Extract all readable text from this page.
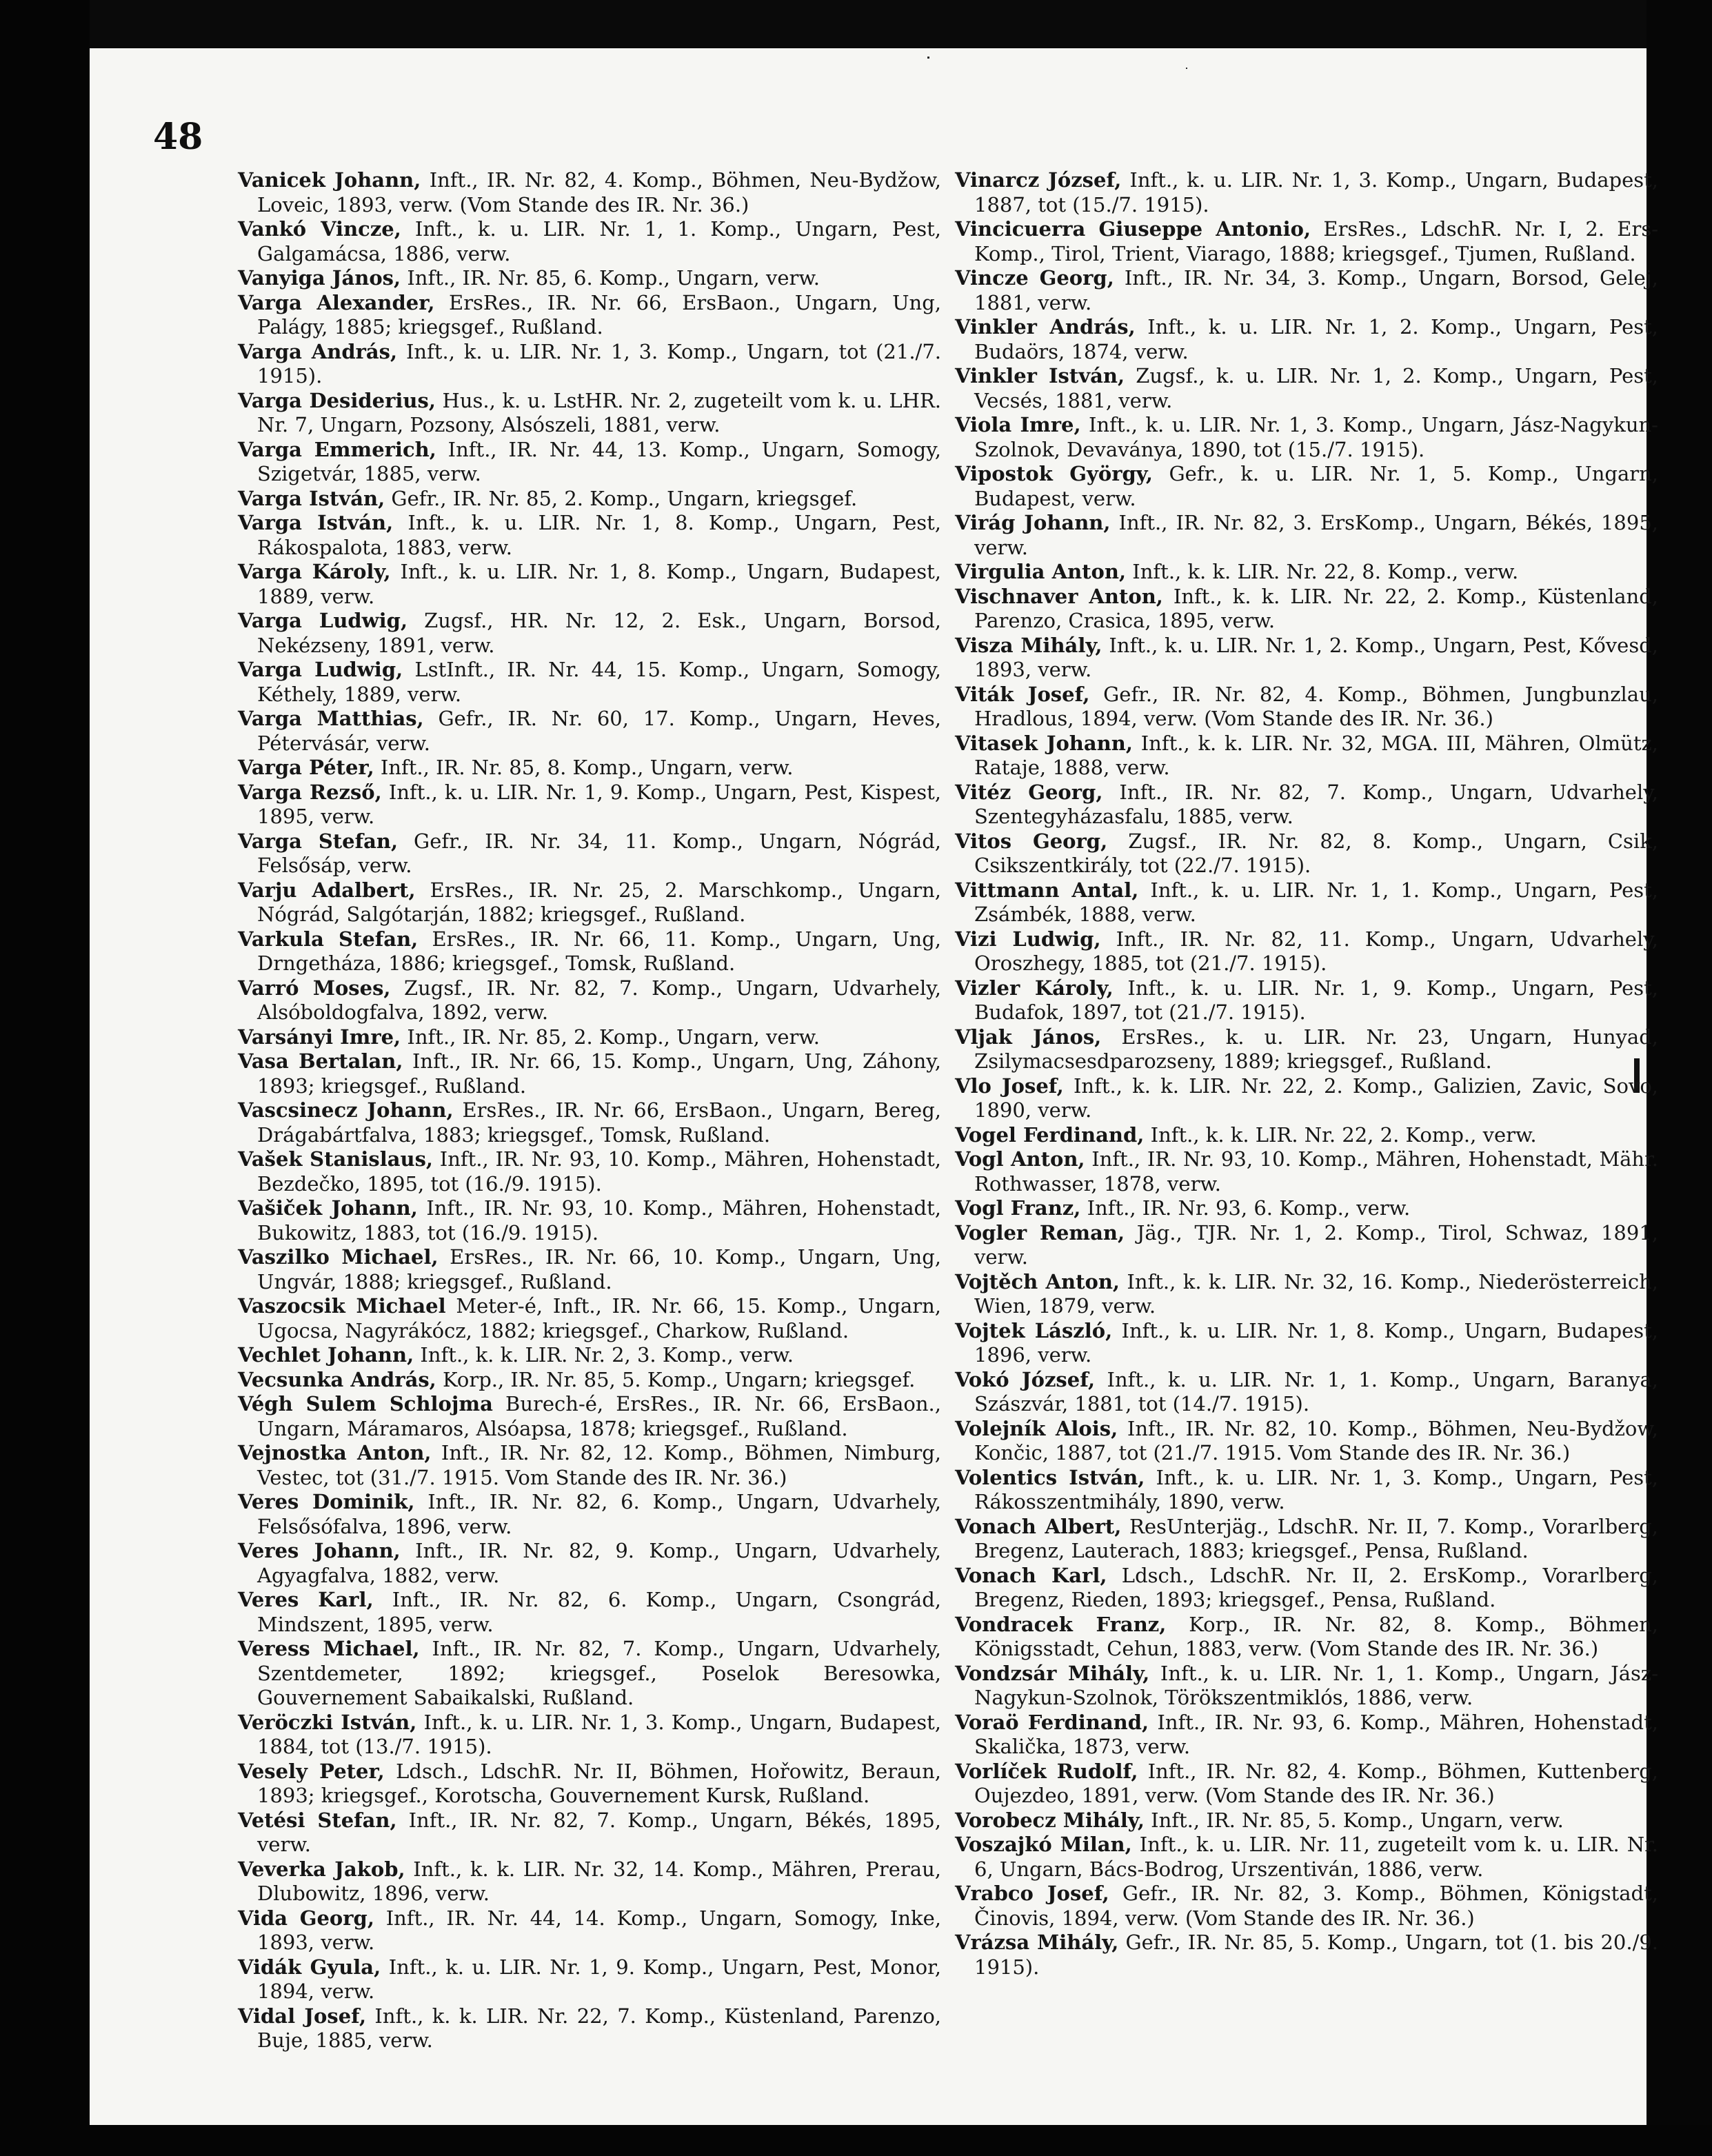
48
Vanicek Johann, Inft., IR. Nr. 82, 4. Komp., Böhmen, Neu-Bydžow, Loveic, 1893, verw. (Vom Stande des IR. Nr. 36.)
Vankó Vincze, Inft., k. u. LIR. Nr. 1, 1. Komp., Ungarn, Pest, Galgamácsa, 1886, verw.
Vanyiga János, Inft., IR. Nr. 85, 6. Komp., Ungarn, verw.
Varga Alexander, ErsRes., IR. Nr. 66, ErsBaon., Ungarn, Ung, Palágy, 1885; kriegsgef., Rußland.
Varga András, Inft., k. u. LIR. Nr. 1, 3. Komp., Ungarn, tot (21./7. 1915).
Varga Desiderius, Hus., k. u. LstHR. Nr. 2, zugeteilt vom k. u. LHR. Nr. 7, Ungarn, Pozsony, Alsószeli, 1881, verw.
Varga Emmerich, Inft., IR. Nr. 44, 13. Komp., Ungarn, Somogy, Szigetvár, 1885, verw.
Varga István, Gefr., IR. Nr. 85, 2. Komp., Ungarn, kriegsgef.
Varga István, Inft., k. u. LIR. Nr. 1, 8. Komp., Ungarn, Pest, Rákospalota, 1883, verw.
Varga Károly, Inft., k. u. LIR. Nr. 1, 8. Komp., Ungarn, Budapest, 1889, verw.
Varga Ludwig, Zugsf., HR. Nr. 12, 2. Esk., Ungarn, Borsod, Nekézseny, 1891, verw.
Varga Ludwig, LstInft., IR. Nr. 44, 15. Komp., Ungarn, Somogy, Kéthely, 1889, verw.
Varga Matthias, Gefr., IR. Nr. 60, 17. Komp., Ungarn, Heves, Pétervásár, verw.
Varga Péter, Inft., IR. Nr. 85, 8. Komp., Ungarn, verw.
Varga Rezső, Inft., k. u. LIR. Nr. 1, 9. Komp., Ungarn, Pest, Kispest, 1895, verw.
Varga Stefan, Gefr., IR. Nr. 34, 11. Komp., Ungarn, Nógrád, Felsősáp, verw.
Varju Adalbert, ErsRes., IR. Nr. 25, 2. Marschkomp., Ungarn, Nógrád, Salgótarján, 1882; kriegsgef., Rußland.
Varkula Stefan, ErsRes., IR. Nr. 66, 11. Komp., Ungarn, Ung, Drngetháza, 1886; kriegsgef., Tomsk, Rußland.
Varró Moses, Zugsf., IR. Nr. 82, 7. Komp., Ungarn, Udvarhely, Alsóboldogfalva, 1892, verw.
Varsányi Imre, Inft., IR. Nr. 85, 2. Komp., Ungarn, verw.
Vasa Bertalan, Inft., IR. Nr. 66, 15. Komp., Ungarn, Ung, Záhony, 1893; kriegsgef., Rußland.
Vascsinecz Johann, ErsRes., IR. Nr. 66, ErsBaon., Ungarn, Bereg, Drágabártfalva, 1883; kriegsgef., Tomsk, Rußland.
Vašek Stanislaus, Inft., IR. Nr. 93, 10. Komp., Mähren, Hohenstadt, Bezdečko, 1895, tot (16./9. 1915).
Vašiček Johann, Inft., IR. Nr. 93, 10. Komp., Mähren, Hohenstadt, Bukowitz, 1883, tot (16./9. 1915).
Vaszilko Michael, ErsRes., IR. Nr. 66, 10. Komp., Ungarn, Ung, Ungvár, 1888; kriegsgef., Rußland.
Vaszocsik Michael Meter-é, Inft., IR. Nr. 66, 15. Komp., Ungarn, Ugocsa, Nagyrákócz, 1882; kriegsgef., Charkow, Rußland.
Vechlet Johann, Inft., k. k. LIR. Nr. 2, 3. Komp., verw.
Vecsunka András, Korp., IR. Nr. 85, 5. Komp., Ungarn; kriegsgef.
Végh Sulem Schlojma Burech-é, ErsRes., IR. Nr. 66, ErsBaon., Ungarn, Máramaros, Alsóapsa, 1878; kriegsgef., Rußland.
Vejnostka Anton, Inft., IR. Nr. 82, 12. Komp., Böhmen, Nimburg, Vestec, tot (31./7. 1915. Vom Stande des IR. Nr. 36.)
Veres Dominik, Inft., IR. Nr. 82, 6. Komp., Ungarn, Udvarhely, Felsősófalva, 1896, verw.
Veres Johann, Inft., IR. Nr. 82, 9. Komp., Ungarn, Udvarhely, Agyagfalva, 1882, verw.
Veres Karl, Inft., IR. Nr. 82, 6. Komp., Ungarn, Csongrád, Mindszent, 1895, verw.
Veress Michael, Inft., IR. Nr. 82, 7. Komp., Ungarn, Udvarhely, Szentdemeter, 1892; kriegsgef., Poselok Beresowka, Gouvernement Sabaikalski, Rußland.
Veröczki István, Inft., k. u. LIR. Nr. 1, 3. Komp., Ungarn, Budapest, 1884, tot (13./7. 1915).
Vesely Peter, Ldsch., LdschR. Nr. II, Böhmen, Hořowitz, Beraun, 1893; kriegsgef., Korotscha, Gouvernement Kursk, Rußland.
Vetési Stefan, Inft., IR. Nr. 82, 7. Komp., Ungarn, Békés, 1895, verw.
Veverka Jakob, Inft., k. k. LIR. Nr. 32, 14. Komp., Mähren, Prerau, Dlubowitz, 1896, verw.
Vida Georg, Inft., IR. Nr. 44, 14. Komp., Ungarn, Somogy, Inke, 1893, verw.
Vidák Gyula, Inft., k. u. LIR. Nr. 1, 9. Komp., Ungarn, Pest, Monor, 1894, verw.
Vidal Josef, Inft., k. k. LIR. Nr. 22, 7. Komp., Küstenland, Parenzo, Buje, 1885, verw.
Vinarcz József, Inft., k. u. LIR. Nr. 1, 3. Komp., Ungarn, Budapest, 1887, tot (15./7. 1915).
Vincicuerra Giuseppe Antonio, ErsRes., LdschR. Nr. I, 2. Ers-Komp., Tirol, Trient, Viarago, 1888; kriegsgef., Tjumen, Rußland.
Vincze Georg, Inft., IR. Nr. 34, 3. Komp., Ungarn, Borsod, Gelej, 1881, verw.
Vinkler András, Inft., k. u. LIR. Nr. 1, 2. Komp., Ungarn, Pest, Budaörs, 1874, verw.
Vinkler István, Zugsf., k. u. LIR. Nr. 1, 2. Komp., Ungarn, Pest, Vecsés, 1881, verw.
Viola Imre, Inft., k. u. LIR. Nr. 1, 3. Komp., Ungarn, Jász-Nagykun-Szolnok, Devaványa, 1890, tot (15./7. 1915).
Vipostok György, Gefr., k. u. LIR. Nr. 1, 5. Komp., Ungarn, Budapest, verw.
Virág Johann, Inft., IR. Nr. 82, 3. ErsKomp., Ungarn, Békés, 1895, verw.
Virgulia Anton, Inft., k. k. LIR. Nr. 22, 8. Komp., verw.
Vischnaver Anton, Inft., k. k. LIR. Nr. 22, 2. Komp., Küstenland, Parenzo, Crasica, 1895, verw.
Visza Mihály, Inft., k. u. LIR. Nr. 1, 2. Komp., Ungarn, Pest, Kővesd, 1893, verw.
Viták Josef, Gefr., IR. Nr. 82, 4. Komp., Böhmen, Jungbunzlau, Hradlous, 1894, verw. (Vom Stande des IR. Nr. 36.)
Vitasek Johann, Inft., k. k. LIR. Nr. 32, MGA. III, Mähren, Olmütz, Rataje, 1888, verw.
Vitéz Georg, Inft., IR. Nr. 82, 7. Komp., Ungarn, Udvarhely, Szentegyházasfalu, 1885, verw.
Vitos Georg, Zugsf., IR. Nr. 82, 8. Komp., Ungarn, Csik, Csikszentkirály, tot (22./7. 1915).
Vittmann Antal, Inft., k. u. LIR. Nr. 1, 1. Komp., Ungarn, Pest, Zsámbék, 1888, verw.
Vizi Ludwig, Inft., IR. Nr. 82, 11. Komp., Ungarn, Udvarhely, Oroszhegy, 1885, tot (21./7. 1915).
Vizler Károly, Inft., k. u. LIR. Nr. 1, 9. Komp., Ungarn, Pest, Budafok, 1897, tot (21./7. 1915).
Vljak János, ErsRes., k. u. LIR. Nr. 23, Ungarn, Hunyad, Zsilymacsesdparozseny, 1889; kriegsgef., Rußland.
Vlo Josef, Inft., k. k. LIR. Nr. 22, 2. Komp., Galizien, Zavic, Sovo, 1890, verw.
Vogel Ferdinand, Inft., k. k. LIR. Nr. 22, 2. Komp., verw.
Vogl Anton, Inft., IR. Nr. 93, 10. Komp., Mähren, Hohenstadt, Mähr. Rothwasser, 1878, verw.
Vogl Franz, Inft., IR. Nr. 93, 6. Komp., verw.
Vogler Reman, Jäg., TJR. Nr. 1, 2. Komp., Tirol, Schwaz, 1891, verw.
Vojtěch Anton, Inft., k. k. LIR. Nr. 32, 16. Komp., Niederösterreich, Wien, 1879, verw.
Vojtek László, Inft., k. u. LIR. Nr. 1, 8. Komp., Ungarn, Budapest, 1896, verw.
Vokó József, Inft., k. u. LIR. Nr. 1, 1. Komp., Ungarn, Baranya, Szászvár, 1881, tot (14./7. 1915).
Volejník Alois, Inft., IR. Nr. 82, 10. Komp., Böhmen, Neu-Bydžow, Končic, 1887, tot (21./7. 1915. Vom Stande des IR. Nr. 36.)
Volentics István, Inft., k. u. LIR. Nr. 1, 3. Komp., Ungarn, Pest, Rákosszentmihály, 1890, verw.
Vonach Albert, ResUnterjäg., LdschR. Nr. II, 7. Komp., Vorarlberg, Bregenz, Lauterach, 1883; kriegsgef., Pensa, Rußland.
Vonach Karl, Ldsch., LdschR. Nr. II, 2. ErsKomp., Vorarlberg, Bregenz, Rieden, 1893; kriegsgef., Pensa, Rußland.
Vondracek Franz, Korp., IR. Nr. 82, 8. Komp., Böhmen, Königsstadt, Cehun, 1883, verw. (Vom Stande des IR. Nr. 36.)
Vondzsár Mihály, Inft., k. u. LIR. Nr. 1, 1. Komp., Ungarn, Jász-Nagykun-Szolnok, Törökszentmiklós, 1886, verw.
Voraö Ferdinand, Inft., IR. Nr. 93, 6. Komp., Mähren, Hohenstadt, Skalička, 1873, verw.
Vorlíček Rudolf, Inft., IR. Nr. 82, 4. Komp., Böhmen, Kuttenberg, Oujezdeo, 1891, verw. (Vom Stande des IR. Nr. 36.)
Vorobecz Mihály, Inft., IR. Nr. 85, 5. Komp., Ungarn, verw.
Voszajkó Milan, Inft., k. u. LIR. Nr. 11, zugeteilt vom k. u. LIR. Nr. 6, Ungarn, Bács-Bodrog, Urszentiván, 1886, verw.
Vrabco Josef, Gefr., IR. Nr. 82, 3. Komp., Böhmen, Königstadt, Činovis, 1894, verw. (Vom Stande des IR. Nr. 36.)
Vrázsa Mihály, Gefr., IR. Nr. 85, 5. Komp., Ungarn, tot (1. bis 20./9. 1915).
